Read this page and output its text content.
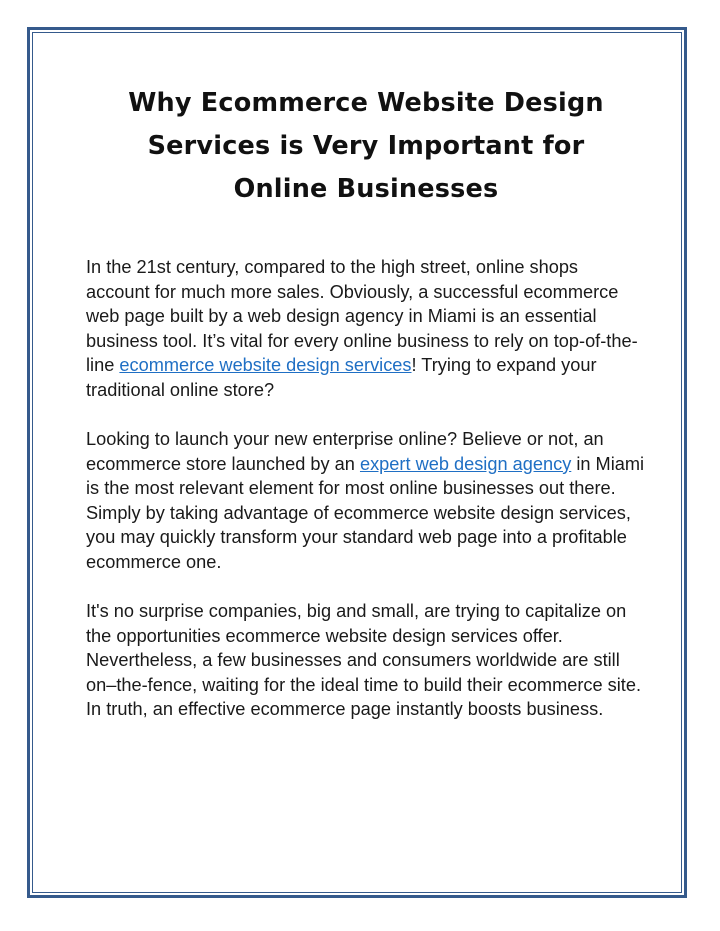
Why Ecommerce Website Design
Services is Very Important for
Online Businesses

In the 21st century, compared to the high street, online shops account for much more sales. Obviously, a successful ecommerce web page built by a web design agency in Miami is an essential business tool. It’s vital for every online business to rely on top-of-the-line ecommerce website design services! Trying to expand your traditional online store?

Looking to launch your new enterprise online? Believe or not, an ecommerce store launched by an expert web design agency in Miami is the most relevant element for most online businesses out there. Simply by taking advantage of ecommerce website design services, you may quickly transform your standard web page into a profitable ecommerce one.

It's no surprise companies, big and small, are trying to capitalize on the opportunities ecommerce website design services offer. Nevertheless, a few businesses and consumers worldwide are still on–the-fence, waiting for the ideal time to build their ecommerce site. In truth, an effective ecommerce page instantly boosts business.
